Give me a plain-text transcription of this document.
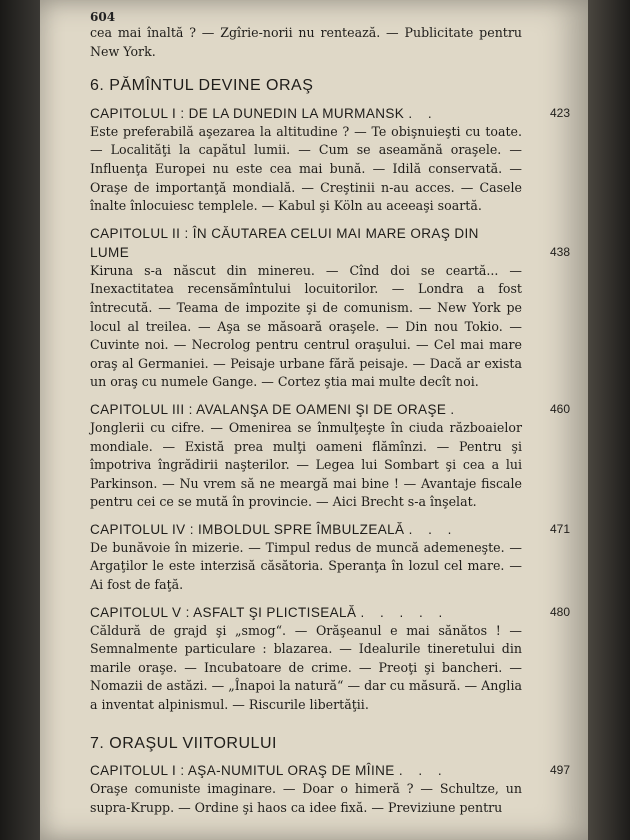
604
cea mai înaltă ? — Zgîrie-norii nu rentează. — Publicitate pentru New York.
6. PĂMÎNTUL DEVINE ORAŞ
CAPITOLUL I : DE LA DUNEDIN LA MURMANSK . .	423
Este preferabilă aşezarea la altitudine ? — Te obişnuieşti cu toate. — Localităţi la capătul lumii. — Cum se aseamănă oraşele. — Influenţa Europei nu este cea mai bună. — Idilă conservată. — Oraşe de importanţă mondială. — Creştinii n-au acces. — Casele înalte înlocuiesc templele. — Kabul şi Köln au aceeaşi soartă.
CAPITOLUL II : ÎN CĂUTAREA CELUI MAI MARE ORAŞ DIN LUME	438
Kiruna s-a născut din minereu. — Cînd doi se ceartă... — Inexactitatea recensămîntului locuitorilor. — Londra a fost întrecută. — Teama de impozite şi de comunism. — New York pe locul al treilea. — Aşa se măsoară oraşele. — Din nou Tokio. — Cuvinte noi. — Necrolog pentru centrul oraşului. — Cel mai mare oraş al Germaniei. — Peisaje urbane fără peisaje. — Dacă ar exista un oraş cu numele Gange. — Cortez ştia mai multe decît noi.
CAPITOLUL III : AVALANŞA DE OAMENI ŞI DE ORAŞE .	460
Jonglerii cu cifre. — Omenirea se înmulţeşte în ciuda războaielor mondiale. — Există prea mulţi oameni flămînzi. — Pentru şi împotriva îngrădirii naşterilor. — Legea lui Sombart şi cea a lui Parkinson. — Nu vrem să ne meargă mai bine ! — Avantaje fiscale pentru cei ce se mută în provincie. — Aici Brecht s-a înşelat.
CAPITOLUL IV : IMBOLDUL SPRE ÎMBULZEALĂ . . .	471
De bunăvoie în mizerie. — Timpul redus de muncă ademeneşte. — Argaţilor le este interzisă căsătoria. Speranţa în lozul cel mare. — Ai fost de faţă.
CAPITOLUL V : ASFALT ŞI PLICTISEALĂ . . . . .	480
Căldură de grajd şi „smog“. — Orăşeanul e mai sănătos ! — Semnalmente particulare : blazarea. — Idealurile tineretului din marile oraşe. — Incubatoare de crime. — Preoţi şi bancheri. — Nomazii de astăzi. — „Înapoi la natură“ — dar cu măsură. — Anglia a inventat alpinismul. — Riscurile libertăţii.
7. ORAŞUL VIITORULUI
CAPITOLUL I : AŞA-NUMITUL ORAŞ DE MÎINE . . .	497
Oraşe comuniste imaginare. — Doar o himeră ? — Schultze, un supra-Krupp. — Ordine şi haos ca idee fixă. — Previziune pentru
